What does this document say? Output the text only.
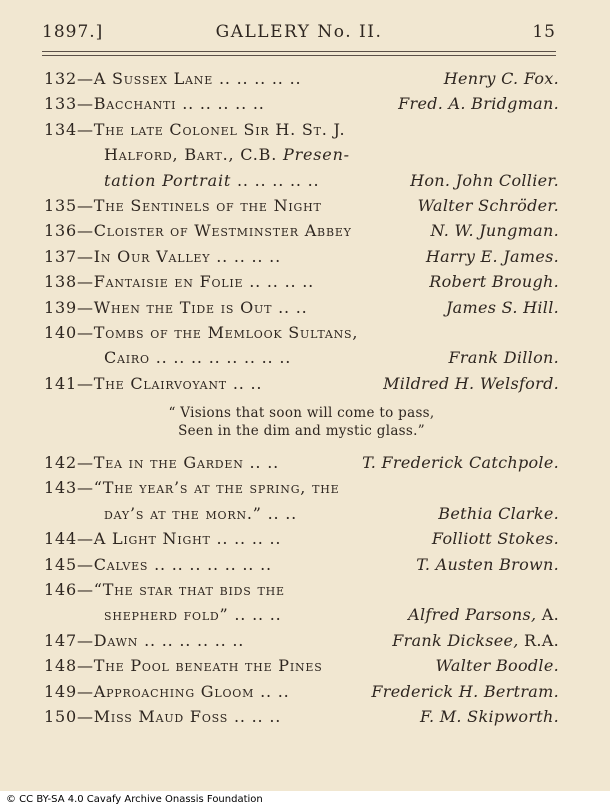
1897.]	GALLERY No. II.	15
132—A Sussex Lane .. .. .. .. ..	Henry C. Fox.
133—Bacchanti .. .. .. .. ..	Fred. A. Bridgman.
134—The late Colonel Sir H. St. J.
Halford, Bart., C.B. Presen-
tation Portrait .. .. .. .. ..	Hon. John Collier.
135—The Sentinels of the Night	Walter Schröder.
136—Cloister of Westminster Abbey	N. W. Jungman.
137—In Our Valley .. .. .. ..	Harry E. James.
138—Fantaisie en Folie .. .. .. ..	Robert Brough.
139—When the Tide is Out .. ..	James S. Hill.
140—Tombs of the Memlook Sultans,
Cairo .. .. .. .. .. .. .. ..	Frank Dillon.
141—The Clairvoyant .. ..	Mildred H. Welsford.
“ Visions that soon will come to pass,
Seen in the dim and mystic glass.”
142—Tea in the Garden .. ..	T. Frederick Catchpole.
143—“The year’s at the spring, the
day’s at the morn.” .. ..	Bethia Clarke.
144—A Light Night .. .. .. ..	Folliott Stokes.
145—Calves .. .. .. .. .. .. ..	T. Austen Brown.
146—“The star that bids the
shepherd fold” .. .. ..	Alfred Parsons, A.
147—Dawn .. .. .. .. .. ..	Frank Dicksee, R.A.
148—The Pool beneath the Pines	Walter Boodle.
149—Approaching Gloom .. ..	Frederick H. Bertram.
150—Miss Maud Foss .. .. ..	F. M. Skipworth.
© CC BY-SA 4.0 Cavafy Archive Onassis Foundation
